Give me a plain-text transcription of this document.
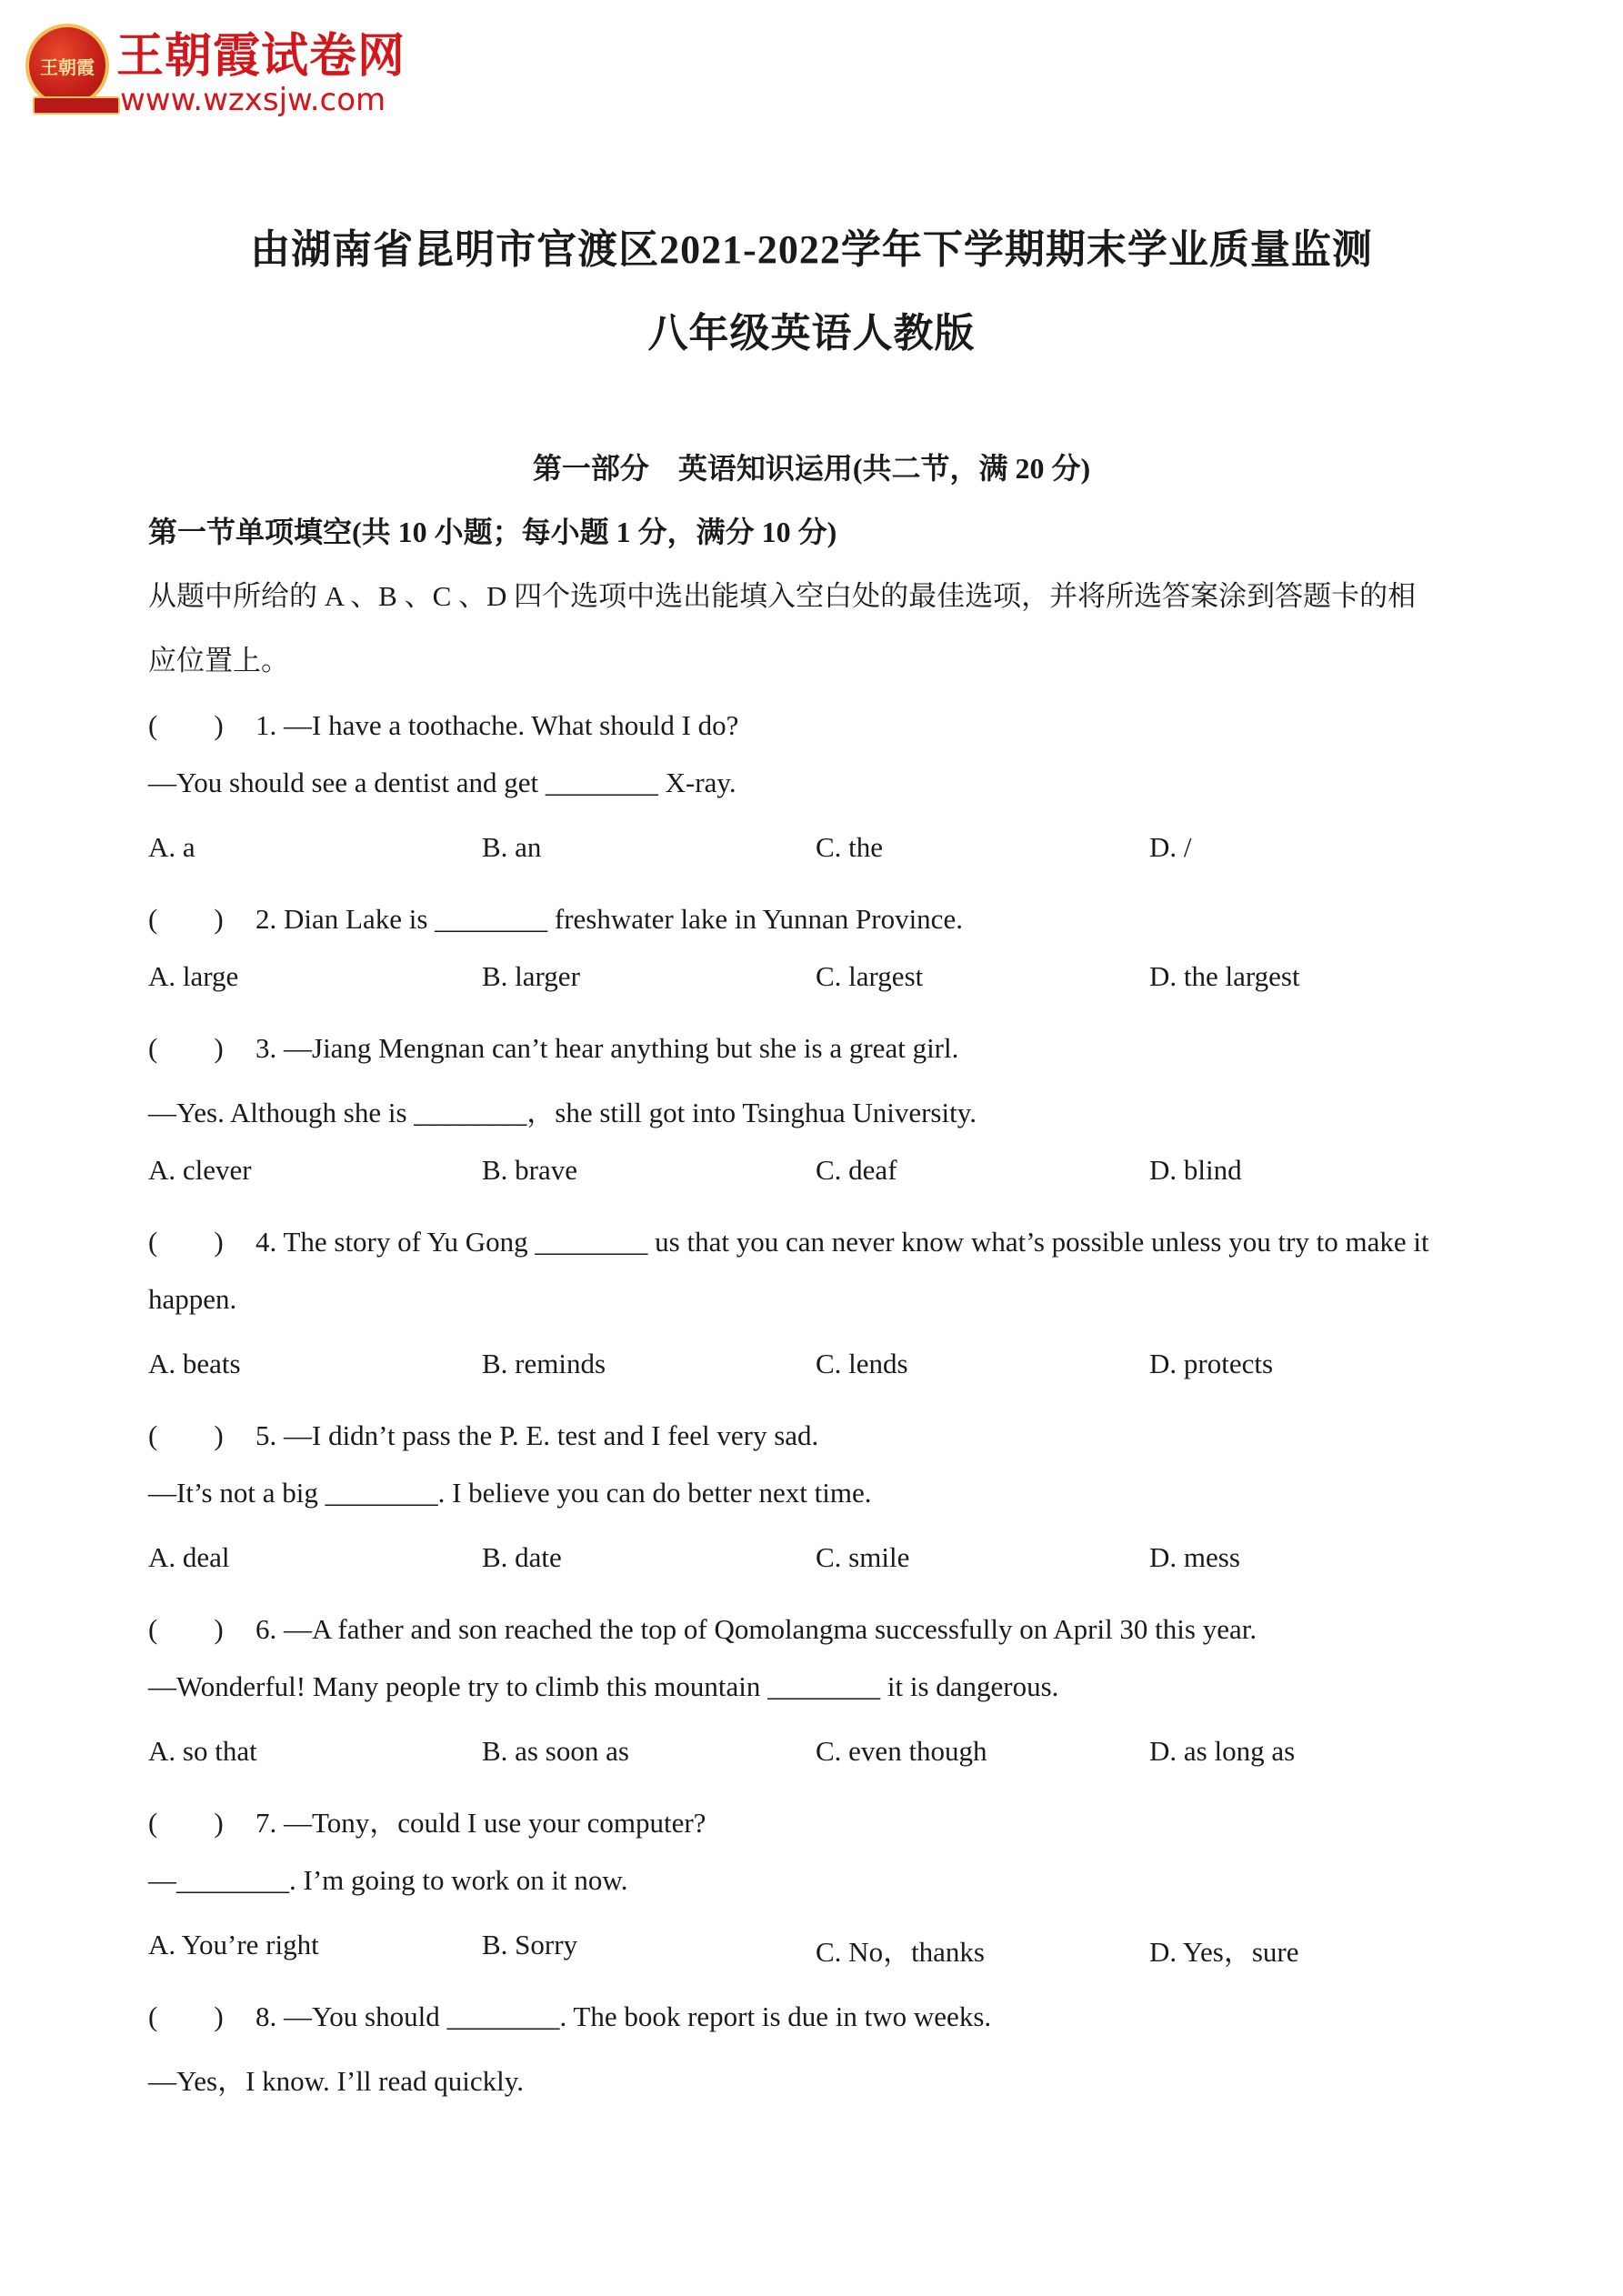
王朝霞 王朝霞试卷网
www.wzxsjw.com
由湖南省昆明市官渡区2021-2022学年下学期期末学业质量监测
八年级英语人教版
第一部分　英语知识运用(共二节，满 20 分)
第一节单项填空(共 10 小题；每小题 1 分，满分 10 分)
从题中所给的 A 、B 、C 、D 四个选项中选出能填入空白处的最佳选项，并将所选答案涂到答题卡的相
应位置上。
(　　) 1. —I have a toothache. What should I do?
—You should see a dentist and get ________ X-ray.
A. a	B. an	C. the	D. /
(　　) 2. Dian Lake is ________ freshwater lake in Yunnan Province.
A. large	B. larger	C. largest	D. the largest
(　　) 3. —Jiang Mengnan can’t hear anything but she is a great girl.
—Yes. Although she is ________，she still got into Tsinghua University.
A. clever	B. brave	C. deaf	D. blind
(　　) 4. The story of Yu Gong ________ us that you can never know what’s possible unless you try to make it
happen.
A. beats	B. reminds	C. lends	D. protects
(　　) 5. —I didn’t pass the P. E. test and I feel very sad.
—It’s not a big ________. I believe you can do better next time.
A. deal	B. date	C. smile	D. mess
(　　) 6. —A father and son reached the top of Qomolangma successfully on April 30 this year.
—Wonderful! Many people try to climb this mountain ________ it is dangerous.
A. so that	B. as soon as	C. even though	D. as long as
(　　) 7. —Tony，could I use your computer?
—________. I’m going to work on it now.
A. You’re right	B. Sorry	C. No，thanks	D. Yes，sure
(　　) 8. —You should ________. The book report is due in two weeks.
—Yes，I know. I’ll read quickly.
